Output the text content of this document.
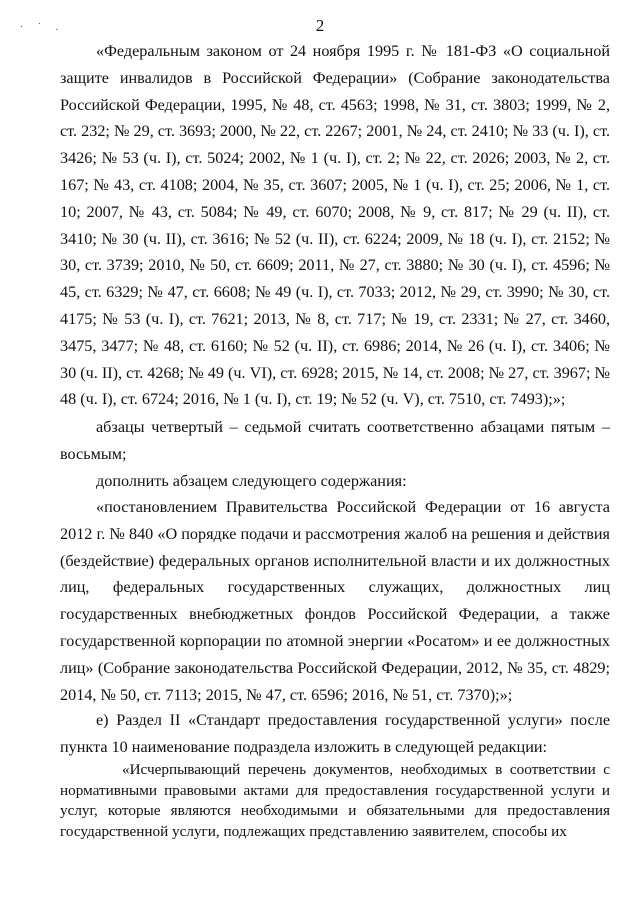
· ˙ .	2

«Федеральным законом от 24 ноября 1995 г. № 181-ФЗ «О социальной защите инвалидов в Российской Федерации» (Собрание законодательства Российской Федерации, 1995, № 48, ст. 4563; 1998, № 31, ст. 3803; 1999, № 2, ст. 232; № 29, ст. 3693; 2000, № 22, ст. 2267; 2001, № 24, ст. 2410; № 33 (ч. I), ст. 3426; № 53 (ч. I), ст. 5024; 2002, № 1 (ч. I), ст. 2; № 22, ст. 2026; 2003, № 2, ст. 167; № 43, ст. 4108; 2004, № 35, ст. 3607; 2005, № 1 (ч. I), ст. 25; 2006, № 1, ст. 10; 2007, № 43, ст. 5084; № 49, ст. 6070; 2008, № 9, ст. 817; № 29 (ч. II), ст. 3410; № 30 (ч. II), ст. 3616; № 52 (ч. II), ст. 6224; 2009, № 18 (ч. I), ст. 2152; № 30, ст. 3739; 2010, № 50, ст. 6609; 2011, № 27, ст. 3880; № 30 (ч. I), ст. 4596; № 45, ст. 6329; № 47, ст. 6608; № 49 (ч. I), ст. 7033; 2012, № 29, ст. 3990; № 30, ст. 4175; № 53 (ч. I), ст. 7621; 2013, № 8, ст. 717; № 19, ст. 2331; № 27, ст. 3460, 3475, 3477; № 48, ст. 6160; № 52 (ч. II), ст. 6986; 2014, № 26 (ч. I), ст. 3406; № 30 (ч. II), ст. 4268; № 49 (ч. VI), ст. 6928; 2015, № 14, ст. 2008; № 27, ст. 3967; № 48 (ч. I), ст. 6724; 2016, № 1 (ч. I), ст. 19; № 52 (ч. V), ст. 7510, ст. 7493);»;

абзацы четвертый – седьмой считать соответственно абзацами пятым – восьмым;

дополнить абзацем следующего содержания:

«постановлением Правительства Российской Федерации от 16 августа 2012 г. № 840 «О порядке подачи и рассмотрения жалоб на решения и действия (бездействие) федеральных органов исполнительной власти и их должностных лиц, федеральных государственных служащих, должностных лиц государственных внебюджетных фондов Российской Федерации, а также государственной корпорации по атомной энергии «Росатом» и ее должностных лиц» (Собрание законодательства Российской Федерации, 2012, № 35, ст. 4829; 2014, № 50, ст. 7113; 2015, № 47, ст. 6596; 2016, № 51, ст. 7370);»;

е) Раздел II «Стандарт предоставления государственной услуги» после пункта 10 наименование подраздела изложить в следующей редакции:

«Исчерпывающий перечень документов, необходимых в соответствии с нормативными правовыми актами для предоставления государственной услуги и услуг, которые являются необходимыми и обязательными для предоставления государственной услуги, подлежащих представлению заявителем, способы их
